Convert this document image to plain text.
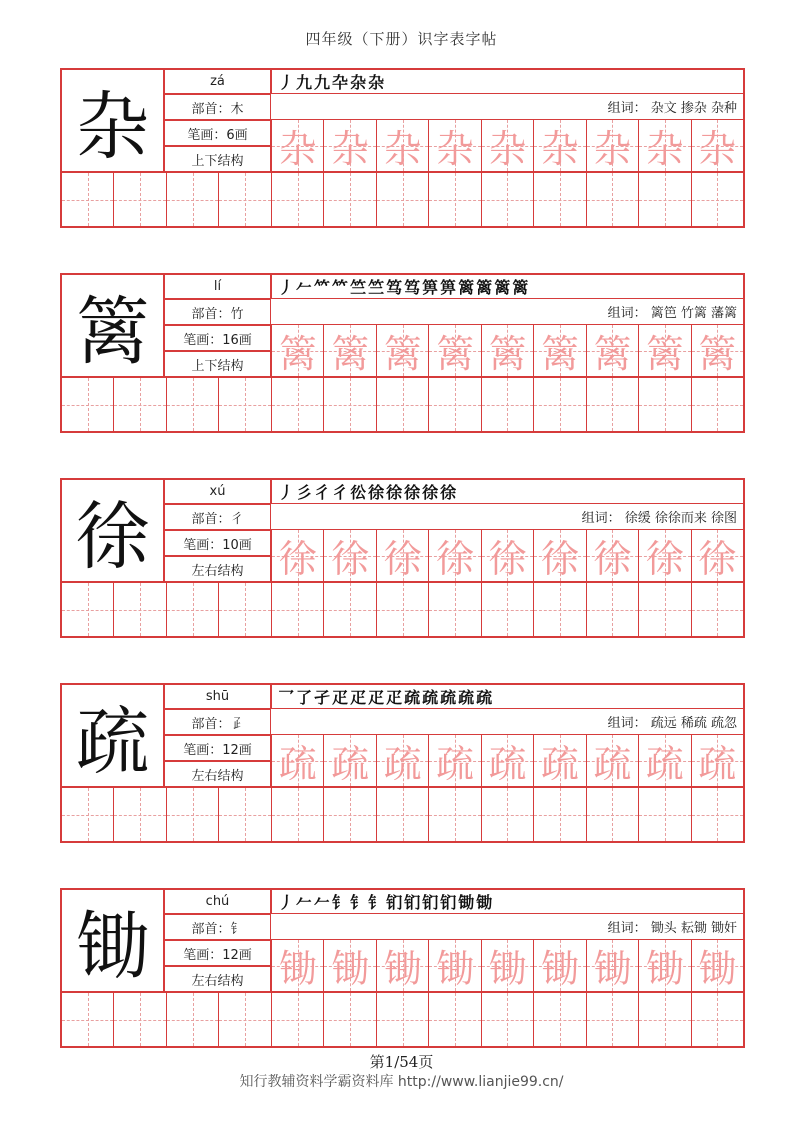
四年级（下册）识字表字帖
杂
zá
部首：木
笔画：6画
上下结构
丿 九 九 卆 杂 杂
组词： 杂文 掺杂 杂种
杂 杂 杂 杂 杂 杂 杂 杂 杂
篱
lí
部首：竹
笔画：16画
上下结构
丿 𠂉 𥫗 𥫗 竺 竺 笃 笃 箅 箅 篱 篱 篱 篱
组词： 篱笆 竹篱 藩篱
篱 篱 篱 篱 篱 篱 篱 篱 篱
徐
xú
部首：彳
笔画：10画
左右结构
丿 彡 彳 彳 彸 徐 徐 徐 徐 徐
组词： 徐缓 徐徐而来 徐图
徐 徐 徐 徐 徐 徐 徐 徐 徐
疏
shū
部首：𤴔
笔画：12画
左右结构
乛 了 孑 疋 疋 疋 疋 疏 疏 疏 疏 疏
组词： 疏远 稀疏 疏忽
疏 疏 疏 疏 疏 疏 疏 疏 疏
锄
chú
部首：钅
笔画：12画
左右结构
丿 𠂉 𠂉 钅 钅 钅 钔 钔 钔 钔 锄 锄
组词： 锄头 耘锄 锄奸
锄 锄 锄 锄 锄 锄 锄 锄 锄
第1/54页
知行教辅资料学霸资料库 http://www.lianjie99.cn/
